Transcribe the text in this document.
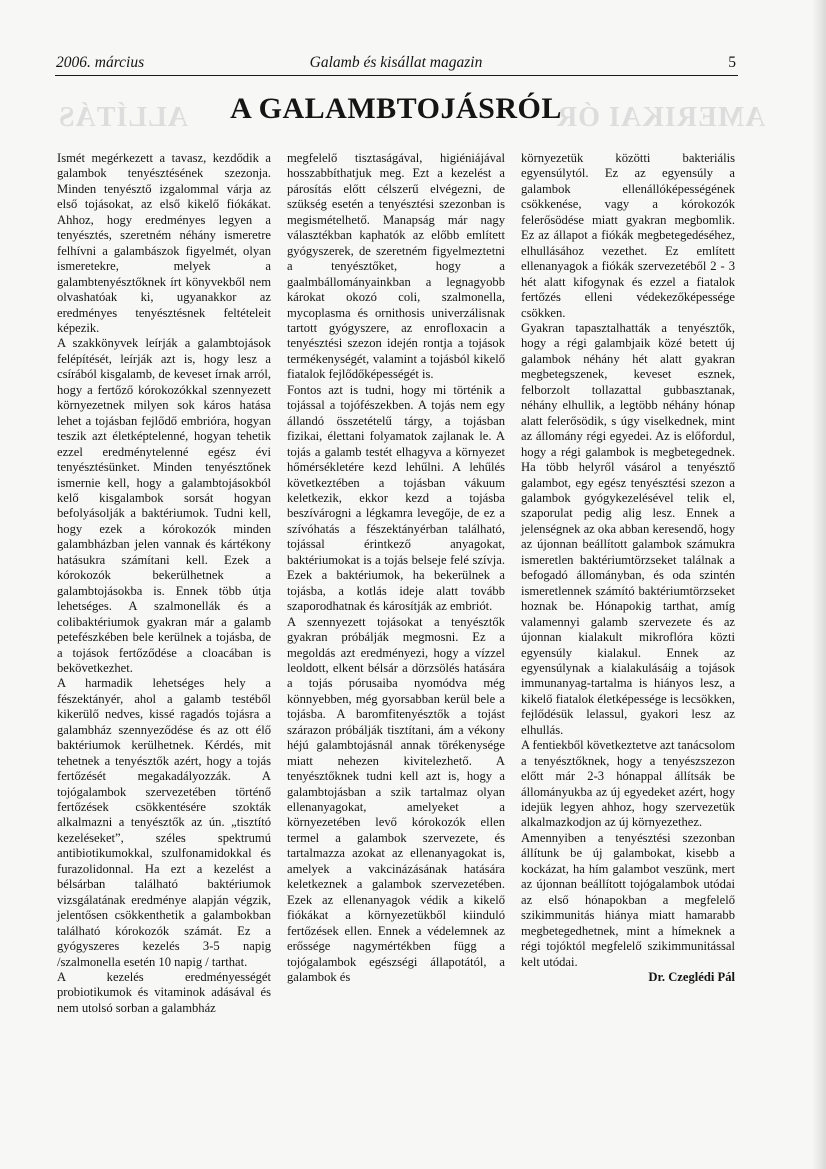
2006. március	Galamb és kisállat magazin	5
ALLÍTÁS	AMERIKAI ÓR
A GALAMBTOJÁSRÓL

Ismét megérkezett a tavasz, kezdődik a galambok tenyésztésének szezonja. Minden tenyésztő izgalommal várja az első tojásokat, az első kikelő fiókákat. Ahhoz, hogy eredményes legyen a tenyésztés, szeretném néhány ismeretre felhívni a galambászok figyelmét, olyan ismeretekre, melyek a galambtenyésztőknek írt könyvekből nem olvashatóak ki, ugyanakkor az eredményes tenyésztésnek feltételeit képezik.

A szakkönyvek leírják a galambtojások felépítését, leírják azt is, hogy lesz a csírából kisgalamb, de keveset írnak arról, hogy a fertőző kórokozókkal szennyezett környezetnek milyen sok káros hatása lehet a tojásban fejlődő embrióra, hogyan teszik azt életképtelenné, hogyan tehetik ezzel eredménytelenné egész évi tenyésztésünket. Minden tenyésztőnek ismernie kell, hogy a galambtojásokból kelő kisgalambok sorsát hogyan befolyásolják a baktériumok. Tudni kell, hogy ezek a kórokozók minden galambházban jelen vannak és kártékony hatásukra számítani kell. Ezek a kórokozók bekerülhetnek a galambtojásokba is. Ennek több útja lehetséges. A szalmonellák és a colibaktériumok gyakran már a galamb petefészkében bele kerülnek a tojásba, de a tojások fertőződése a cloacában is bekövetkezhet.

A harmadik lehetséges hely a fészektányér, ahol a galamb testéből kikerülő nedves, kissé ragadós tojásra a galambház szennyeződése és az ott élő baktériumok kerülhetnek. Kérdés, mit tehetnek a tenyésztők azért, hogy a tojás fertőzését megakadályozzák. A tojógalambok szervezetében történő fertőzések csökkentésére szokták alkalmazni a tenyésztők az ún. „tisztító kezeléseket”, széles spektrumú antibiotikumokkal, szulfonamidokkal és furazolidonnal. Ha ezt a kezelést a bélsárban található baktériumok vizsgálatának eredménye alapján végzik, jelentősen csökkenthetik a galambokban található kórokozók számát. Ez a gyógyszeres kezelés 3-5 napig /szalmonella esetén 10 napig / tarthat.

A kezelés eredményességét probiotikumok és vitaminok adásával és nem utolsó sorban a galambház

megfelelő tisztaságával, higiéniájával hosszabbíthatjuk meg. Ezt a kezelést a párosítás előtt célszerű elvégezni, de szükség esetén a tenyésztési szezonban is megismételhető. Manapság már nagy választékban kaphatók az előbb említett gyógyszerek, de szeretném figyelmeztetni a tenyésztőket, hogy a gaalmbállományainkban a legnagyobb károkat okozó coli, szalmonella, mycoplasma és ornithosis univerzálisnak tartott gyógyszere, az enrofloxacin a tenyésztési szezon idején rontja a tojások termékenységét, valamint a tojásból kikelő fiatalok fejlődőképességét is.

Fontos azt is tudni, hogy mi történik a tojással a tojófészekben. A tojás nem egy állandó összetételű tárgy, a tojásban fizikai, élettani folyamatok zajlanak le. A tojás a galamb testét elhagyva a környezet hőmérsékletére kezd lehűlni. A lehűlés következtében a tojásban vákuum keletkezik, ekkor kezd a tojásba beszívárogni a légkamra levegője, de ez a szívóhatás a fészektányérban található, tojással érintkező anyagokat, baktériumokat is a tojás belseje felé szívja. Ezek a baktériumok, ha bekerülnek a tojásba, a kotlás ideje alatt tovább szaporodhatnak és károsítják az embriót.

A szennyezett tojásokat a tenyésztők gyakran próbálják megmosni. Ez a megoldás azt eredményezi, hogy a vízzel leoldott, elkent bélsár a dörzsölés hatására a tojás pórusaiba nyomódva még könnyebben, még gyorsabban kerül bele a tojásba. A baromfitenyésztők a tojást szárazon próbálják tisztítani, ám a vékony héjú galambtojásnál annak törékenysége miatt nehezen kivitelezhető. A tenyésztőknek tudni kell azt is, hogy a galambtojásban a szik tartalmaz olyan ellenanyagokat, amelyeket a környezetében levő kórokozók ellen termel a galambok szervezete, és tartalmazza azokat az ellenanyagokat is, amelyek a vakcinázásának hatására keletkeznek a galambok szervezetében. Ezek az ellenanyagok védik a kikelő fiókákat a környezetükből kiinduló fertőzések ellen. Ennek a védelemnek az erőssége nagymértékben függ a tojógalambok egészségi állapotától, a galambok és

környezetük közötti bakteriális egyensúlytól. Ez az egyensúly a galambok ellenállóképességének csökkenése, vagy a kórokozók felerősödése miatt gyakran megbomlik. Ez az állapot a fiókák megbetegedéséhez, elhullásához vezethet. Ez említett ellenanyagok a fiókák szervezetéből 2 - 3 hét alatt kifogynak és ezzel a fiatalok fertőzés elleni védekezőképessége csökken.

Gyakran tapasztalhatták a tenyésztők, hogy a régi galambjaik közé betett új galambok néhány hét alatt gyakran megbetegszenek, keveset esznek, felborzolt tollazattal gubbasztanak, néhány elhullik, a legtöbb néhány hónap alatt felerősödik, s úgy viselkednek, mint az állomány régi egyedei. Az is előfordul, hogy a régi galambok is megbetegednek. Ha több helyről vásárol a tenyésztő galambot, egy egész tenyésztési szezon a galambok gyógykezelésével telik el, szaporulat pedig alig lesz. Ennek a jelenségnek az oka abban keresendő, hogy az újonnan beállított galambok számukra ismeretlen baktériumtörzseket találnak a befogadó állományban, és oda szintén ismeretlennek számító baktériumtörzseket hoznak be. Hónapokig tarthat, amíg valamennyi galamb szervezete és az újonnan kialakult mikroflóra közti egyensúly kialakul. Ennek az egyensúlynak a kialakulásáig a tojások immunanyag-tartalma is hiányos lesz, a kikelő fiatalok életképessége is lecsökken, fejlődésük lelassul, gyakori lesz az elhullás.

A fentiekből következtetve azt tanácsolom a tenyésztőknek, hogy a tenyészszezon előtt már 2-3 hónappal állítsák be állományukba az új egyedeket azért, hogy idejük legyen ahhoz, hogy szervezetük alkalmazkodjon az új környezethez.

Amennyiben a tenyésztési szezonban állítunk be új galambokat, kisebb a kockázat, ha hím galambot veszünk, mert az újonnan beállított tojógalambok utódai az első hónapokban a megfelelő szikimmunitás hiánya miatt hamarabb megbetegedhetnek, mint a hímeknek a régi tojóktól megfelelő szikimmunitással kelt utódai.

Dr. Czeglédi Pál
